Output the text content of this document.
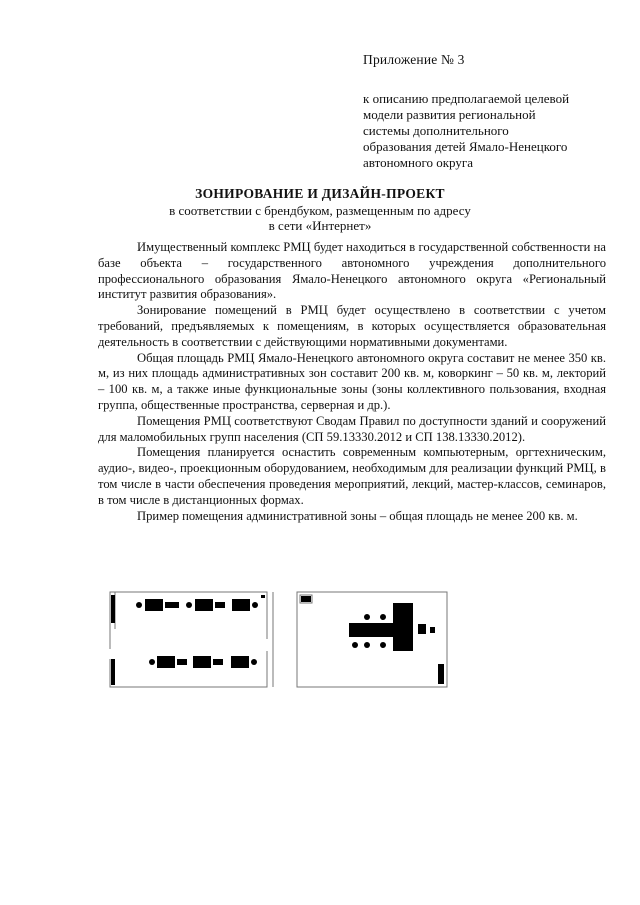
Приложение № 3
к описанию предполагаемой целевой
модели развития региональной
системы дополнительного
образования детей Ямало-Ненецкого
автономного округа
ЗОНИРОВАНИЕ И ДИЗАЙН-ПРОЕКТ
в соответствии с брендбуком, размещенным по адресу
в сети «Интернет»

Имущественный комплекс РМЦ будет находиться в государственной собственности на базе объекта – государственного автономного учреждения дополнительного профессионального образования Ямало-Ненецкого автономного округа «Региональный институт развития образования».

Зонирование помещений в РМЦ будет осуществлено в соответствии с учетом требований, предъявляемых к помещениям, в которых осуществляется образовательная деятельность в соответствии с действующими нормативными документами.

Общая площадь РМЦ Ямало-Ненецкого автономного округа составит не менее 350 кв. м, из них площадь административных зон составит 200 кв. м, коворкинг – 50 кв. м, лекторий – 100 кв. м, а также иные функциональные зоны (зоны коллективного пользования, входная группа, общественные пространства, серверная и др.).

Помещения РМЦ соответствуют Сводам Правил по доступности зданий и сооружений для маломобильных групп населения (СП 59.13330.2012 и СП 138.13330.2012).

Помещения планируется оснастить современным компьютерным, оргтехническим, аудио-, видео-, проекционным оборудованием, необходимым для реализации функций РМЦ, в том числе в части обеспечения проведения мероприятий, лекций, мастер-классов, семинаров, в том числе в дистанционных формах.

Пример помещения административной зоны – общая площадь не менее 200 кв. м.
